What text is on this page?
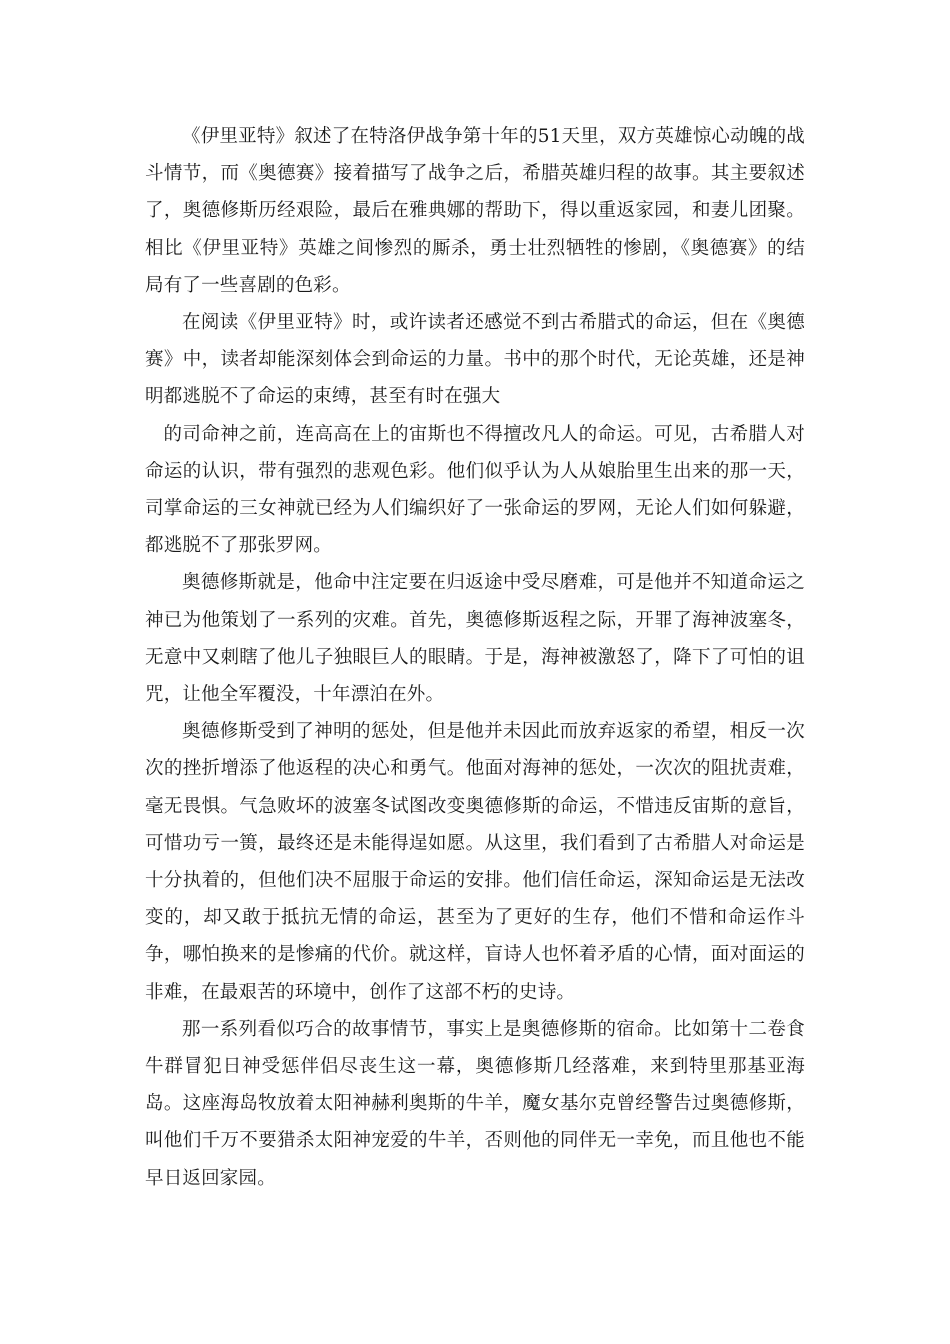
《伊里亚特》叙述了在特洛伊战争第十年的51天里，双方英雄惊心动魄的战斗情节，而《奥德赛》接着描写了战争之后，希腊英雄归程的故事。其主要叙述了，奥德修斯历经艰险，最后在雅典娜的帮助下，得以重返家园，和妻儿团聚。相比《伊里亚特》英雄之间惨烈的厮杀，勇士壮烈牺牲的惨剧，《奥德赛》的结局有了一些喜剧的色彩。

在阅读《伊里亚特》时，或许读者还感觉不到古希腊式的命运，但在《奥德赛》中，读者却能深刻体会到命运的力量。书中的那个时代，无论英雄，还是神明都逃脱不了命运的束缚，甚至有时在强大

的司命神之前，连高高在上的宙斯也不得擅改凡人的命运。可见，古希腊人对命运的认识，带有强烈的悲观色彩。他们似乎认为人从娘胎里生出来的那一天，司掌命运的三女神就已经为人们编织好了一张命运的罗网，无论人们如何躲避，都逃脱不了那张罗网。

奥德修斯就是，他命中注定要在归返途中受尽磨难，可是他并不知道命运之神已为他策划了一系列的灾难。首先，奥德修斯返程之际，开罪了海神波塞冬，无意中又刺瞎了他儿子独眼巨人的眼睛。于是，海神被激怒了，降下了可怕的诅咒，让他全军覆没，十年漂泊在外。

奥德修斯受到了神明的惩处，但是他并未因此而放弃返家的希望，相反一次次的挫折增添了他返程的决心和勇气。他面对海神的惩处，一次次的阻扰责难，毫无畏惧。气急败坏的波塞冬试图改变奥德修斯的命运，不惜违反宙斯的意旨，可惜功亏一篑，最终还是未能得逞如愿。从这里，我们看到了古希腊人对命运是十分执着的，但他们决不屈服于命运的安排。他们信任命运，深知命运是无法改变的，却又敢于抵抗无情的命运，甚至为了更好的生存，他们不惜和命运作斗争，哪怕换来的是惨痛的代价。就这样，盲诗人也怀着矛盾的心情，面对面运的非难，在最艰苦的环境中，创作了这部不朽的史诗。

那一系列看似巧合的故事情节，事实上是奥德修斯的宿命。比如第十二卷食牛群冒犯日神受惩伴侣尽丧生这一幕，奥德修斯几经落难，来到特里那基亚海岛。这座海岛牧放着太阳神赫利奥斯的牛羊，魔女基尔克曾经警告过奥德修斯，叫他们千万不要猎杀太阳神宠爱的牛羊，否则他的同伴无一幸免，而且他也不能早日返回家园。
